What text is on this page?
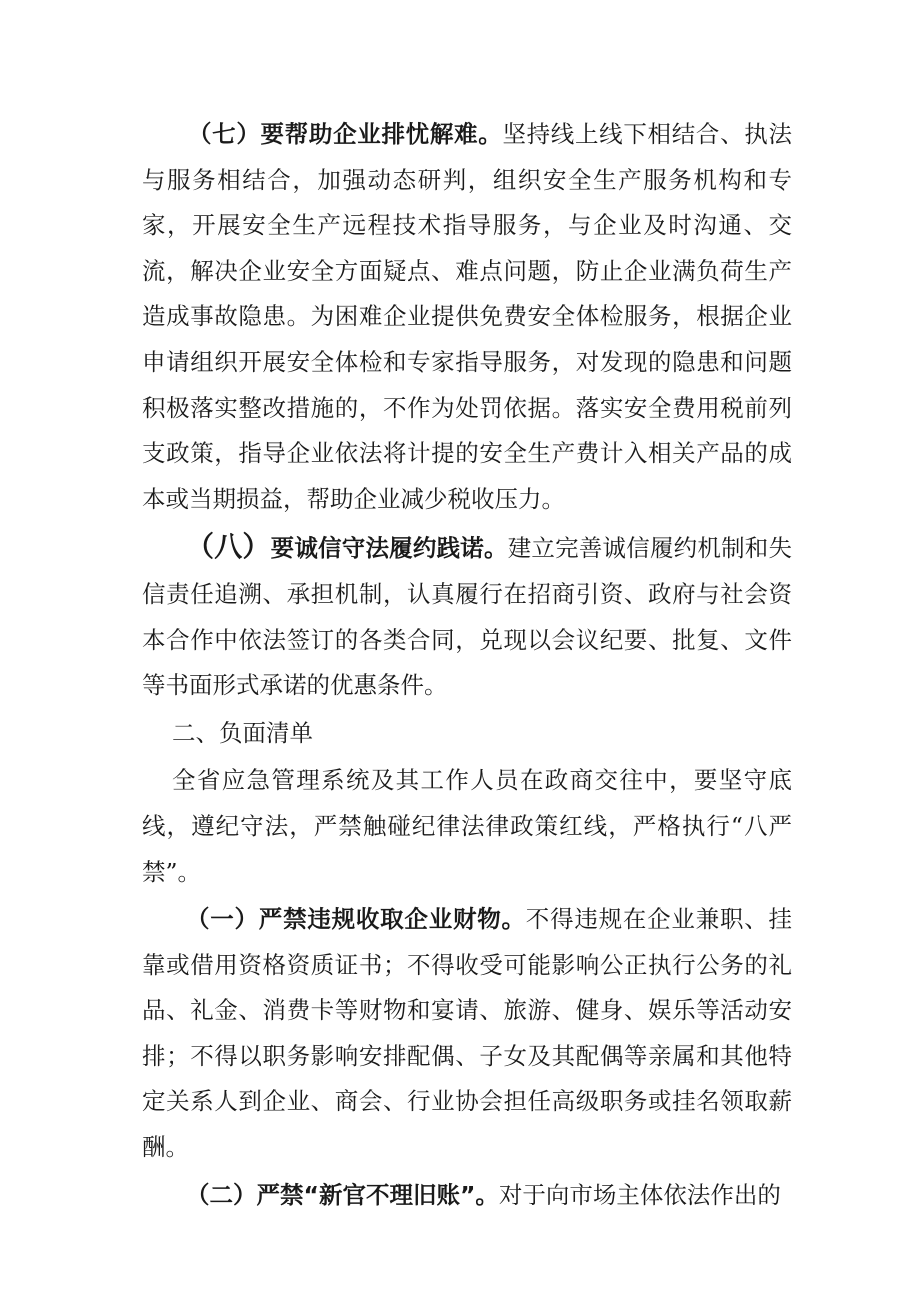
（七）要帮助企业排忧解难。坚持线上线下相结合、执法与服务相结合，加强动态研判，组织安全生产服务机构和专家，开展安全生产远程技术指导服务，与企业及时沟通、交流，解决企业安全方面疑点、难点问题，防止企业满负荷生产造成事故隐患。为困难企业提供免费安全体检服务，根据企业申请组织开展安全体检和专家指导服务，对发现的隐患和问题积极落实整改措施的，不作为处罚依据。落实安全费用税前列支政策，指导企业依法将计提的安全生产费计入相关产品的成本或当期损益，帮助企业减少税收压力。

（八）要诚信守法履约践诺。建立完善诚信履约机制和失信责任追溯、承担机制，认真履行在招商引资、政府与社会资本合作中依法签订的各类合同，兑现以会议纪要、批复、文件等书面形式承诺的优惠条件。

二、负面清单

全省应急管理系统及其工作人员在政商交往中，要坚守底线，遵纪守法，严禁触碰纪律法律政策红线，严格执行“八严禁”。

（一）严禁违规收取企业财物。不得违规在企业兼职、挂靠或借用资格资质证书；不得收受可能影响公正执行公务的礼品、礼金、消费卡等财物和宴请、旅游、健身、娱乐等活动安排；不得以职务影响安排配偶、子女及其配偶等亲属和其他特定关系人到企业、商会、行业协会担任高级职务或挂名领取薪酬。

（二）严禁“新官不理旧账”。对于向市场主体依法作出的
